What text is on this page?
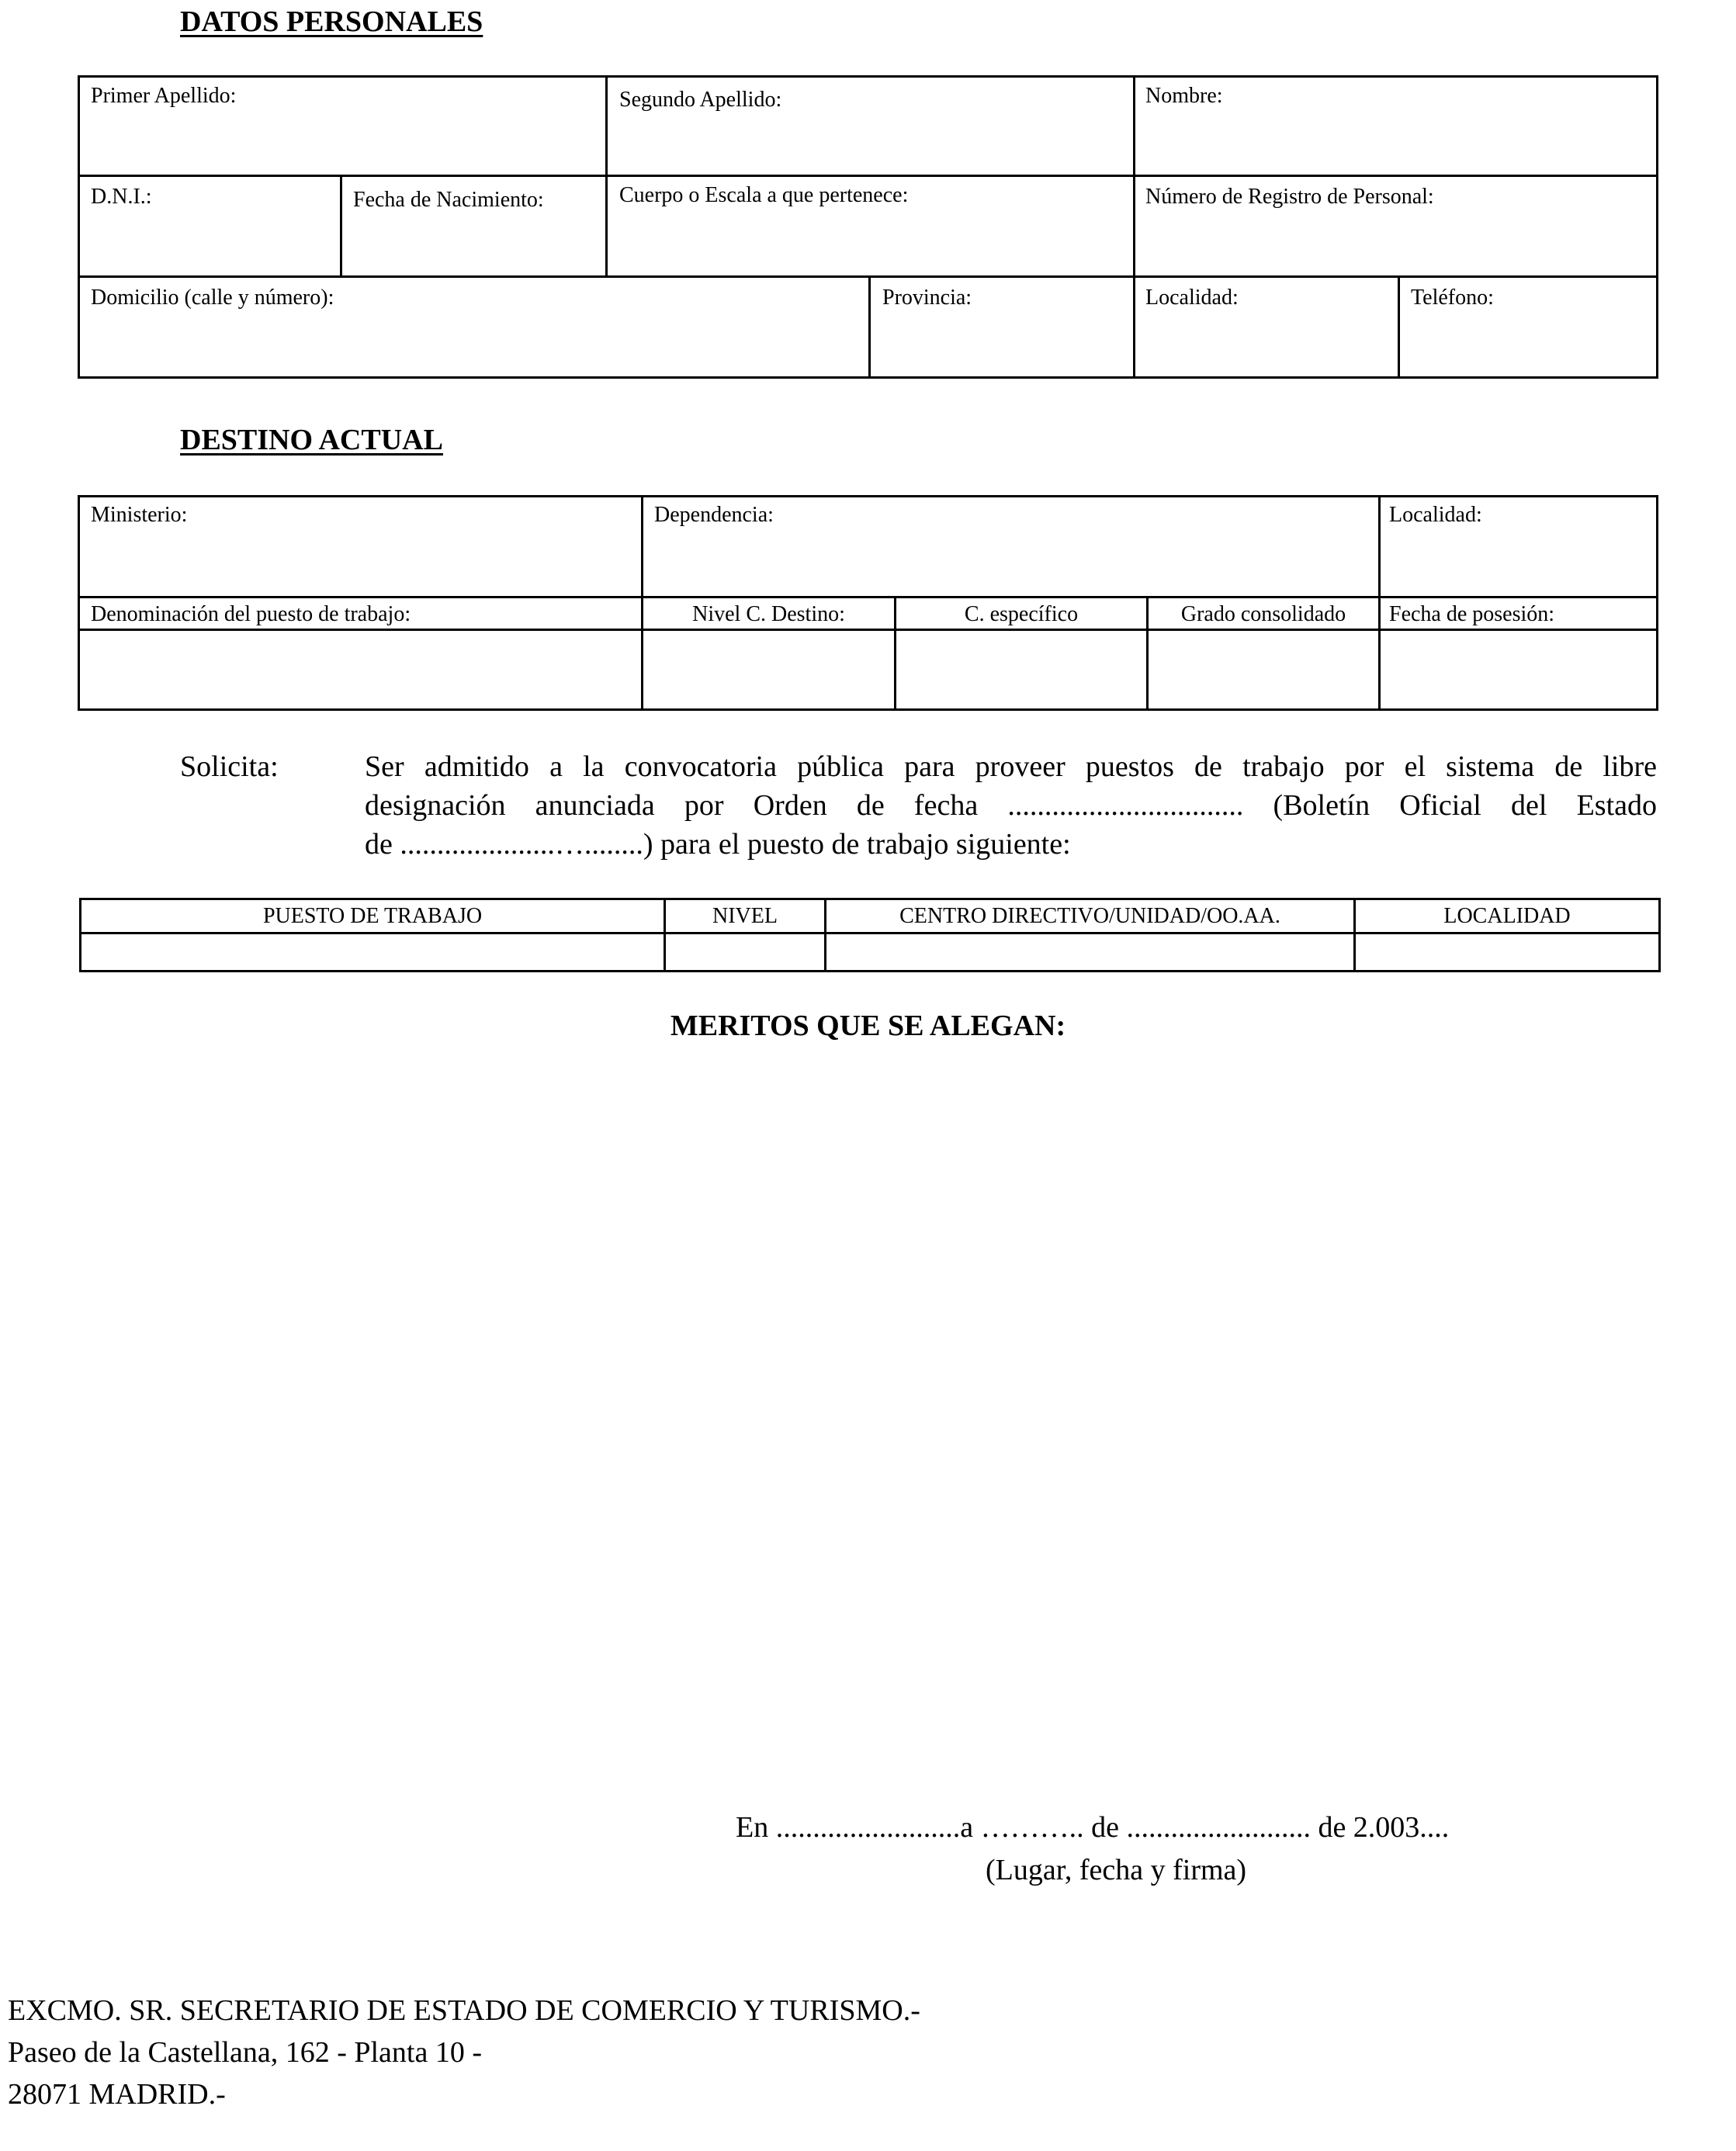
DATOS PERSONALES
Primer Apellido:	Segundo Apellido:	Nombre:
D.N.I.:	Fecha de Nacimiento:	Cuerpo o Escala a que pertenece:	Número de Registro de Personal:
Domicilio (calle y número):	Provincia:	Localidad:	Teléfono:
DESTINO ACTUAL
Ministerio:	Dependencia:	Localidad:
Denominación del puesto de trabajo:	Nivel C. Destino:	C. específico	Grado consolidado	Fecha de posesión:
Solicita:	Ser admitido a la convocatoria pública para proveer puestos de trabajo por el sistema de libre
designación anunciada por Orden de fecha ................................ (Boletín Oficial del Estado
de .....................…........) para el puesto de trabajo siguiente:
PUESTO DE TRABAJO	NIVEL	CENTRO DIRECTIVO/UNIDAD/OO.AA.	LOCALIDAD
MERITOS QUE SE ALEGAN:
En .........................a ……….. de ......................... de 2.003....
(Lugar, fecha y firma)
EXCMO. SR. SECRETARIO DE ESTADO DE COMERCIO Y TURISMO.-
Paseo de la Castellana, 162 - Planta 10 -
28071 MADRID.-
